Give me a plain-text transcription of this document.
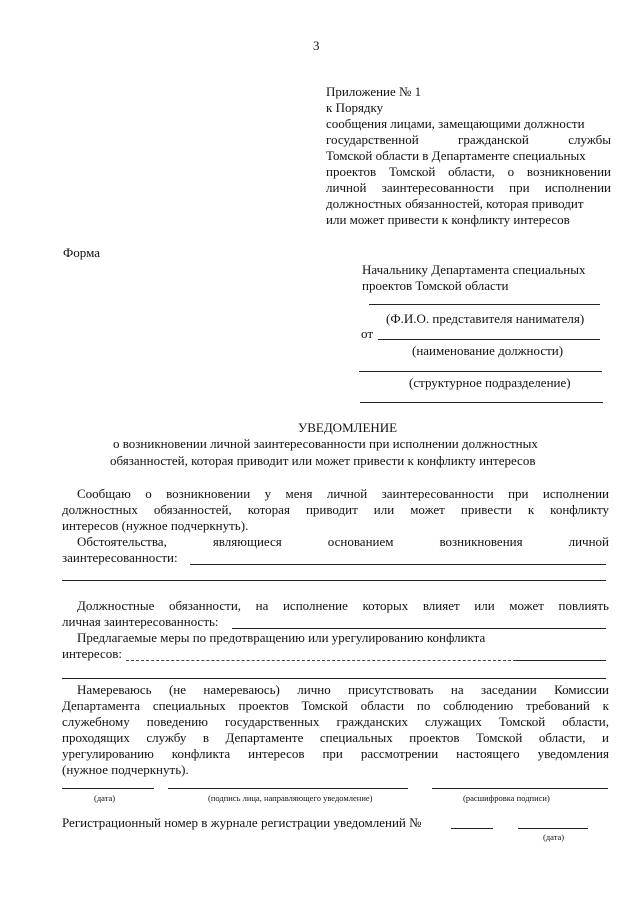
3
Приложение № 1
к Порядку
сообщения лицами, замещающими должности
государственной гражданской службы
Томской области в Департаменте специальных
проектов Томской области, о возникновении
личной заинтересованности при исполнении
должностных обязанностей, которая приводит
или может привести к конфликту интересов
Форма
Начальнику Департамента специальных
проектов Томской области
(Ф.И.О. представителя нанимателя)
от
(наименование должности)
(структурное подразделение)
УВЕДОМЛЕНИЕ
о возникновении личной заинтересованности при исполнении должностных
обязанностей, которая приводит или может привести к конфликту интересов
Сообщаю о возникновении у меня личной заинтересованности при исполнении
должностных обязанностей, которая приводит или может привести к конфликту
интересов (нужное подчеркнуть).
Обстоятельства, являющиеся основанием возникновения личной
заинтересованности:
Должностные обязанности, на исполнение которых влияет или может повлиять
личная заинтересованность:
Предлагаемые меры по предотвращению или урегулированию конфликта
интересов:
Намереваюсь (не намереваюсь) лично присутствовать на заседании Комиссии
Департамента специальных проектов Томской области по соблюдению требований к
служебному поведению государственных гражданских служащих Томской области,
проходящих службу в Департаменте специальных проектов Томской области, и
урегулированию конфликта интересов при рассмотрении настоящего уведомления
(нужное подчеркнуть).
(дата)	(подпись лица, направляющего уведомление)	(расшифровка подписи)
Регистрационный номер в журнале регистрации уведомлений №
(дата)
